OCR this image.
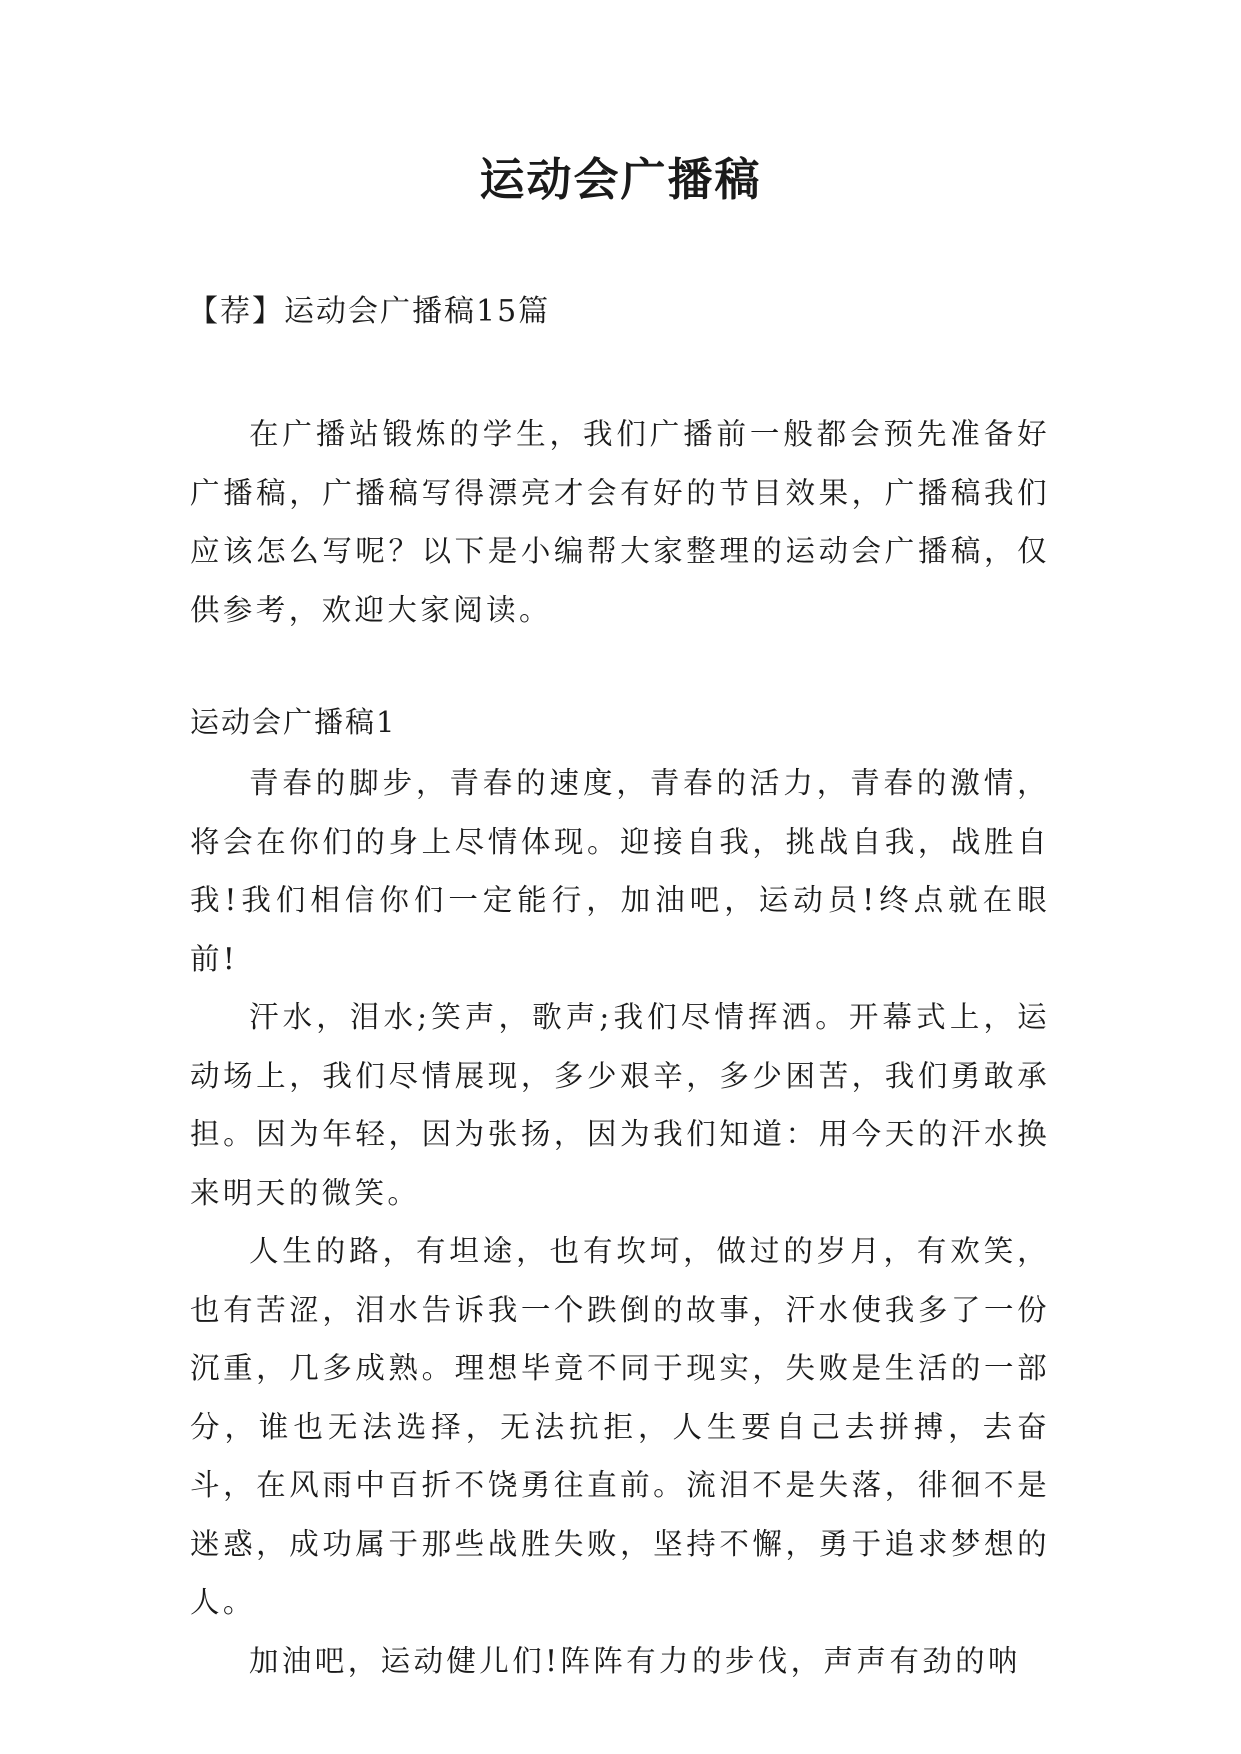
运动会广播稿
【荐】运动会广播稿15篇

在广播站锻炼的学生，我们广播前一般都会预先准备好广播稿，广播稿写得漂亮才会有好的节目效果，广播稿我们应该怎么写呢？以下是小编帮大家整理的运动会广播稿，仅供参考，欢迎大家阅读。

运动会广播稿1

青春的脚步，青春的速度，青春的活力，青春的激情，将会在你们的身上尽情体现。迎接自我，挑战自我，战胜自我!我们相信你们一定能行，加油吧，运动员!终点就在眼前!

汗水，泪水;笑声，歌声;我们尽情挥洒。开幕式上，运动场上，我们尽情展现，多少艰辛，多少困苦，我们勇敢承担。因为年轻，因为张扬，因为我们知道：用今天的汗水换来明天的微笑。

人生的路，有坦途，也有坎坷，做过的岁月，有欢笑，也有苦涩，泪水告诉我一个跌倒的故事，汗水使我多了一份沉重，几多成熟。理想毕竟不同于现实，失败是生活的一部分，谁也无法选择，无法抗拒，人生要自己去拼搏，去奋斗，在风雨中百折不饶勇往直前。流泪不是失落，徘徊不是迷惑，成功属于那些战胜失败，坚持不懈，勇于追求梦想的人。

加油吧，运动健儿们!阵阵有力的步伐，声声有劲的呐
